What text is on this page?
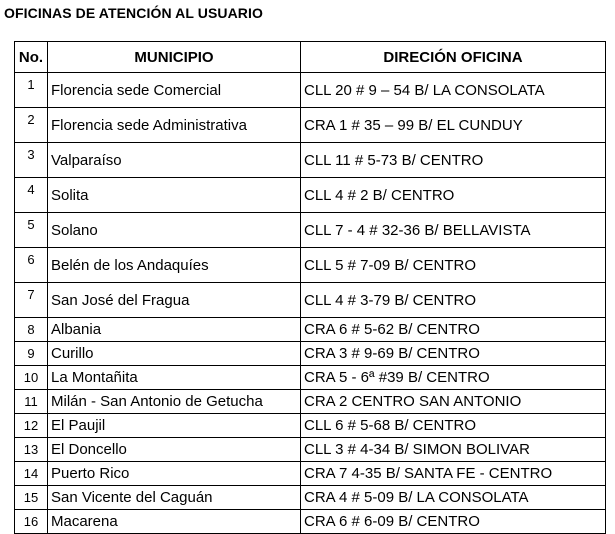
OFICINAS DE ATENCIÓN AL USUARIO
No.	MUNICIPIO	DIRECIÓN OFICINA
1	Florencia sede Comercial	CLL 20 # 9 – 54 B/ LA CONSOLATA
2	Florencia sede Administrativa	CRA 1 # 35 – 99 B/ EL CUNDUY
3	Valparaíso	CLL 11 # 5-73 B/ CENTRO
4	Solita	CLL 4 # 2 B/ CENTRO
5	Solano	CLL 7 - 4 # 32-36 B/ BELLAVISTA
6	Belén de los Andaquíes	CLL 5 # 7-09 B/ CENTRO
7	San José del Fragua	CLL 4 # 3-79 B/ CENTRO
8	Albania	CRA 6 # 5-62 B/ CENTRO
9	Curillo	CRA 3 # 9-69 B/ CENTRO
10	La Montañita	CRA 5 - 6ª #39 B/ CENTRO
11	Milán - San Antonio de Getucha	CRA 2 CENTRO SAN ANTONIO
12	El Paujil	CLL 6 # 5-68 B/ CENTRO
13	El Doncello	CLL 3 # 4-34 B/ SIMON BOLIVAR
14	Puerto Rico	CRA 7 4-35 B/ SANTA FE - CENTRO
15	San Vicente del Caguán	CRA 4 # 5-09 B/ LA CONSOLATA
16	Macarena	CRA 6 # 6-09 B/ CENTRO
